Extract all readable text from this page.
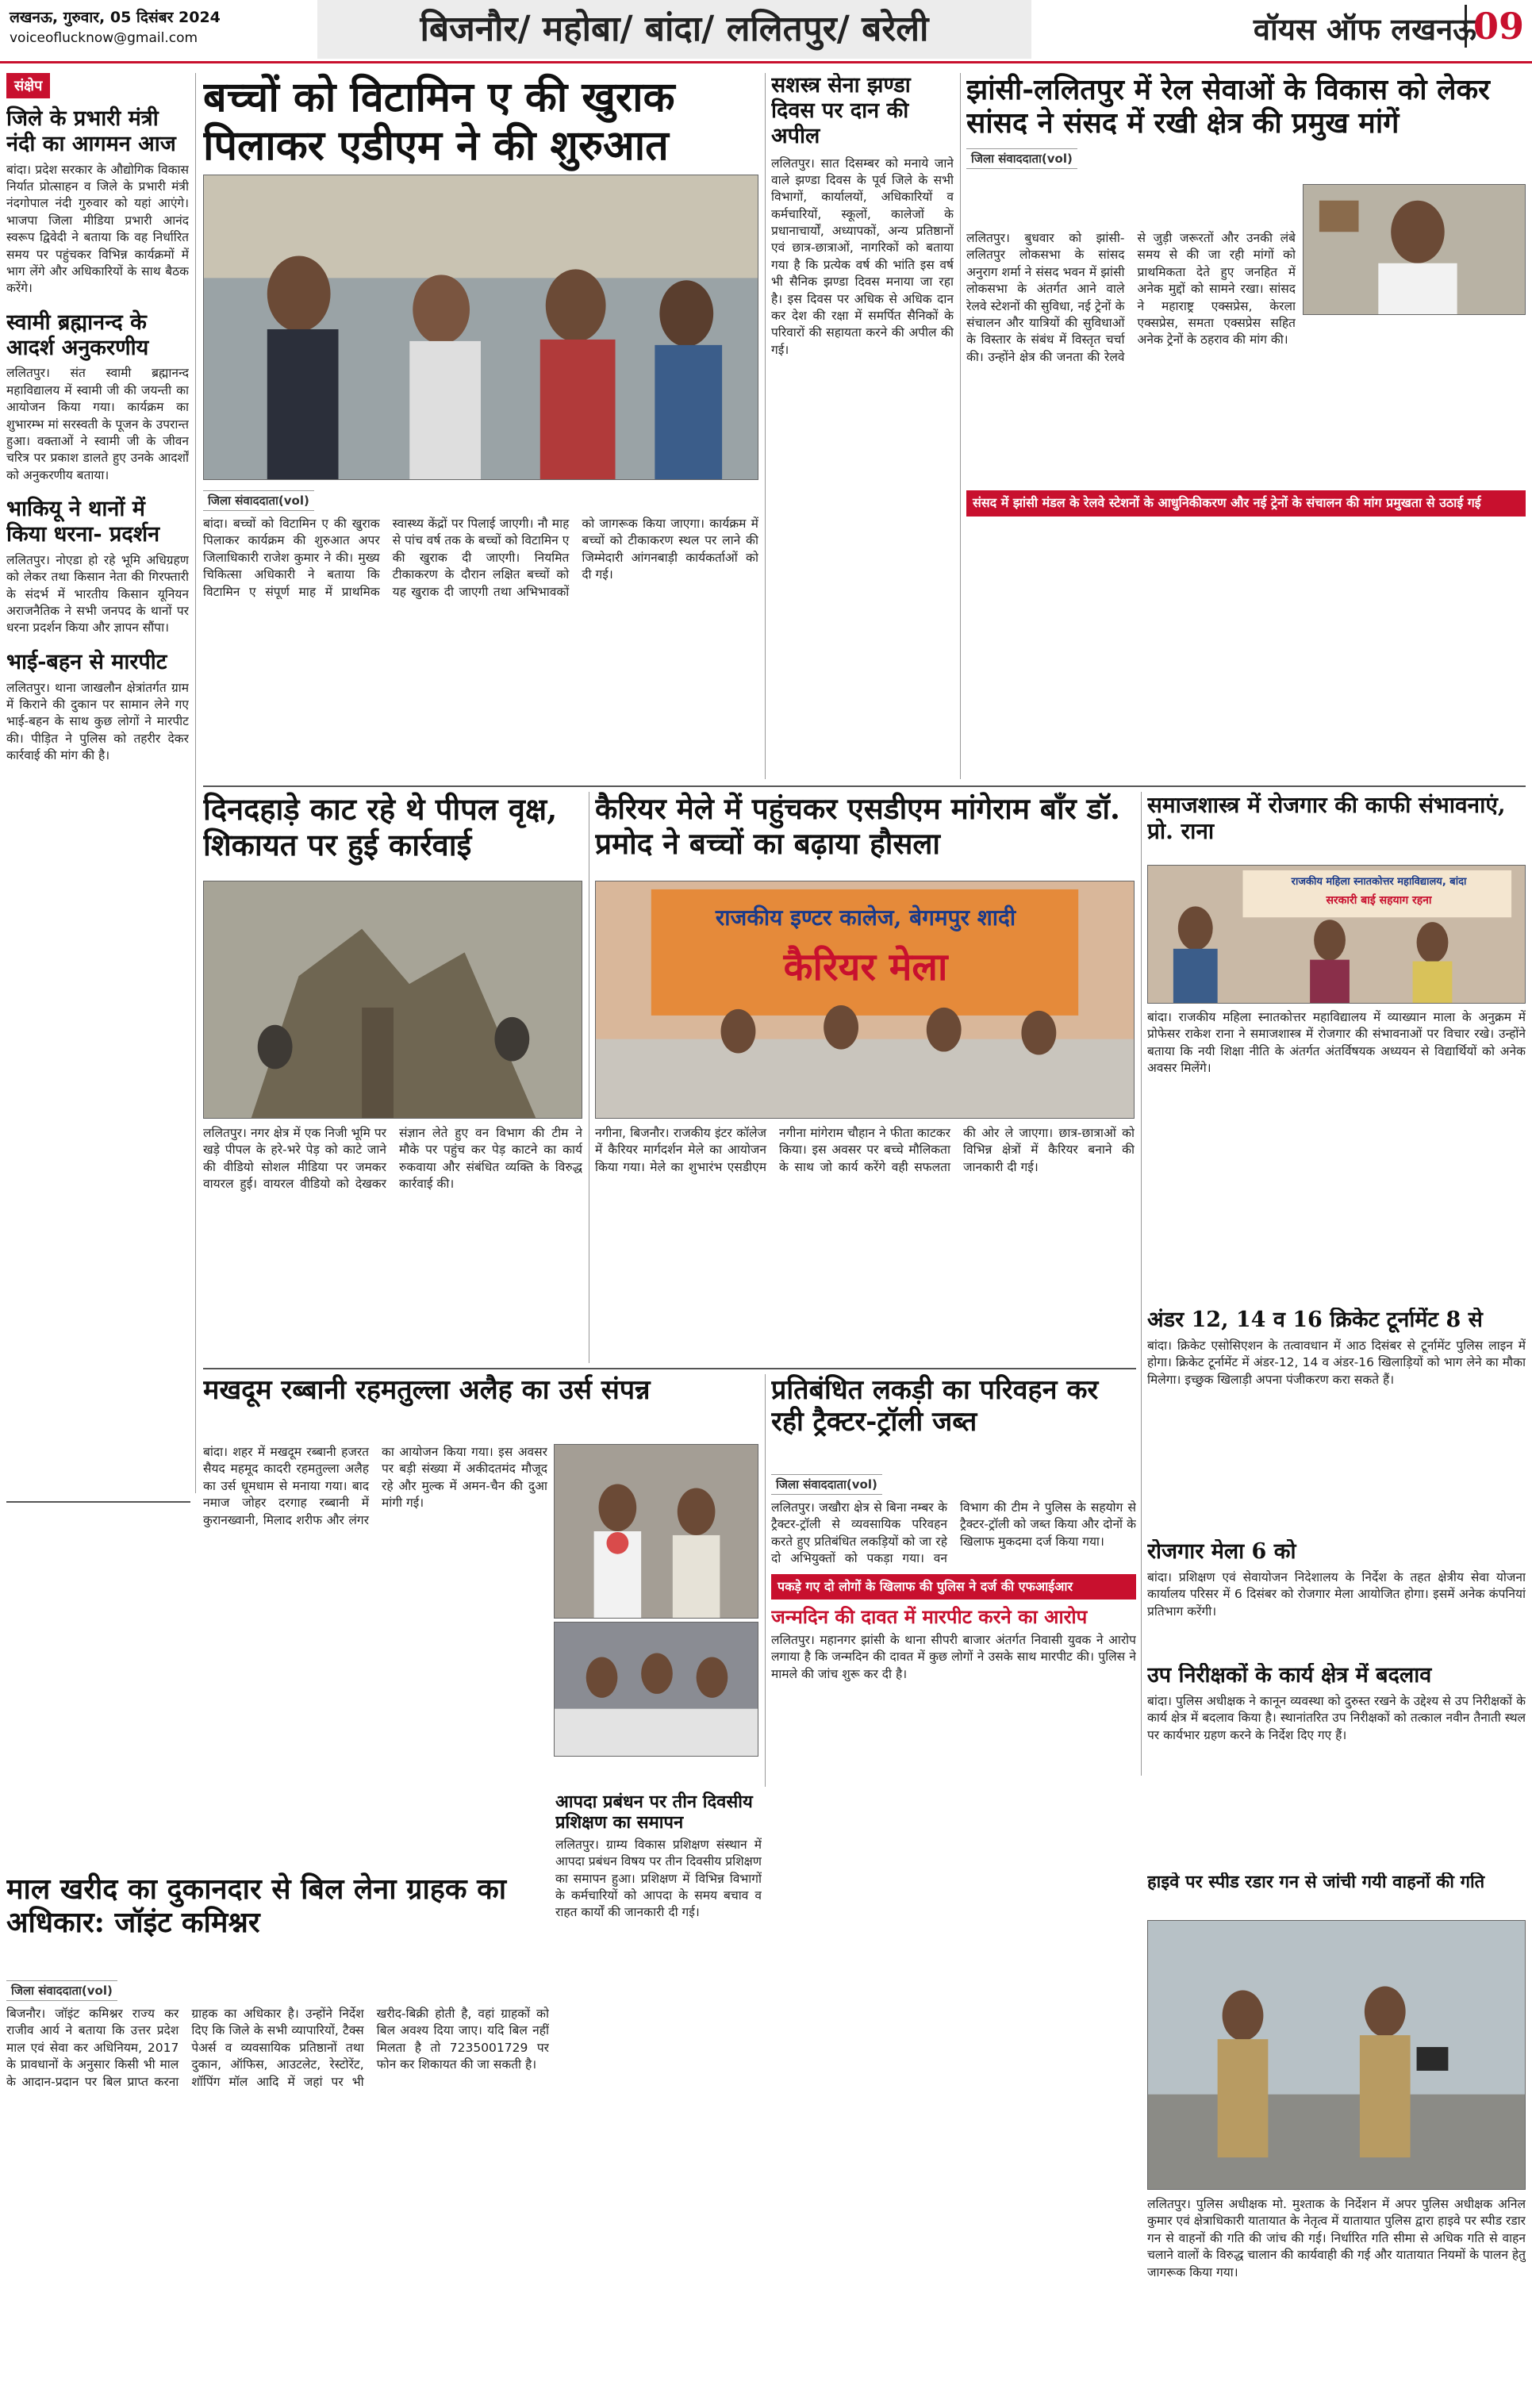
लखनऊ, गुरुवार, 05 दिसंबर 2024
voiceoflucknow@gmail.com	बिजनौर/ महोबा/ बांदा/ ललितपुर/ बरेली	वॉयस ऑफ लखनऊ
09
संक्षेप
जिले के प्रभारी मंत्री नंदी का आगमन आज
बांदा। प्रदेश सरकार के औद्योगिक विकास निर्यात प्रोत्साहन व जिले के प्रभारी मंत्री नंदगोपाल नंदी गुरुवार को यहां आएंगे। भाजपा जिला मीडिया प्रभारी आनंद स्वरूप द्विवेदी ने बताया कि वह निर्धारित समय पर पहुंचकर विभिन्न कार्यक्रमों में भाग लेंगे और अधिकारियों के साथ बैठक करेंगे।
स्वामी ब्रह्मानन्द के आदर्श अनुकरणीय
ललितपुर। संत स्वामी ब्रह्मानन्द महाविद्यालय में स्वामी जी की जयन्ती का आयोजन किया गया। कार्यक्रम का शुभारम्भ मां सरस्वती के पूजन के उपरान्त हुआ। वक्ताओं ने स्वामी जी के जीवन चरित्र पर प्रकाश डालते हुए उनके आदर्शों को अनुकरणीय बताया।
भाकियू ने थानों में किया धरना- प्रदर्शन
ललितपुर। नोएडा हो रहे भूमि अधिग्रहण को लेकर तथा किसान नेता की गिरफ्तारी के संदर्भ में भारतीय किसान यूनियन अराजनैतिक ने सभी जनपद के थानों पर धरना प्रदर्शन किया और ज्ञापन सौंपा।
भाई-बहन से मारपीट
ललितपुर। थाना जाखलौन क्षेत्रांतर्गत ग्राम में किराने की दुकान पर सामान लेने गए भाई-बहन के साथ कुछ लोगों ने मारपीट की। पीड़ित ने पुलिस को तहरीर देकर कार्रवाई की मांग की है।
बच्चों को विटामिन ए की खुराक पिलाकर एडीएम ने की शुरुआत
जिला संवाददाता(vol)
बांदा। बच्चों को विटामिन ए की खुराक पिलाकर कार्यक्रम की शुरुआत अपर जिलाधिकारी राजेश कुमार ने की। मुख्य चिकित्सा अधिकारी ने बताया कि विटामिन ए संपूर्ण माह में प्राथमिक स्वास्थ्य केंद्रों पर पिलाई जाएगी। नौ माह से पांच वर्ष तक के बच्चों को विटामिन ए की खुराक दी जाएगी। नियमित टीकाकरण के दौरान लक्षित बच्चों को यह खुराक दी जाएगी तथा अभिभावकों को जागरूक किया जाएगा। कार्यक्रम में बच्चों को टीकाकरण स्थल पर लाने की जिम्मेदारी आंगनबाड़ी कार्यकर्ताओं को दी गई।
सशस्त्र सेना झण्डा दिवस पर दान की अपील
ललितपुर। सात दिसम्बर को मनाये जाने वाले झण्डा दिवस के पूर्व जिले के सभी विभागों, कार्यालयों, अधिकारियों व कर्मचारियों, स्कूलों, कालेजों के प्रधानाचार्यों, अध्यापकों, अन्य प्रतिष्ठानों एवं छात्र-छात्राओं, नागरिकों को बताया गया है कि प्रत्येक वर्ष की भांति इस वर्ष भी सैनिक झण्डा दिवस मनाया जा रहा है। इस दिवस पर अधिक से अधिक दान कर देश की रक्षा में समर्पित सैनिकों के परिवारों की सहायता करने की अपील की गई।
झांसी-ललितपुर में रेल सेवाओं के विकास को लेकर सांसद ने संसद में रखी क्षेत्र की प्रमुख मांगें
जिला संवाददाता(vol)
ललितपुर। बुधवार को झांसी-ललितपुर लोकसभा के सांसद अनुराग शर्मा ने संसद भवन में झांसी लोकसभा के अंतर्गत आने वाले रेलवे स्टेशनों की सुविधा, नई ट्रेनों के संचालन और यात्रियों की सुविधाओं के विस्तार के संबंध में विस्तृत चर्चा की। उन्होंने क्षेत्र की जनता की रेलवे से जुड़ी जरूरतों और उनकी लंबे समय से की जा रही मांगों को प्राथमिकता देते हुए जनहित में अनेक मुद्दों को सामने रखा। सांसद ने महाराष्ट्र एक्सप्रेस, केरला एक्सप्रेस, समता एक्सप्रेस सहित अनेक ट्रेनों के ठहराव की मांग की।
संसद में झांसी मंडल के रेलवे स्टेशनों के आधुनिकीकरण और नई ट्रेनों के संचालन की मांग प्रमुखता से उठाई गई
दिनदहाड़े काट रहे थे पीपल वृक्ष, शिकायत पर हुई कार्रवाई
ललितपुर। नगर क्षेत्र में एक निजी भूमि पर खड़े पीपल के हरे-भरे पेड़ को काटे जाने की वीडियो सोशल मीडिया पर जमकर वायरल हुई। वायरल वीडियो को देखकर संज्ञान लेते हुए वन विभाग की टीम ने मौके पर पहुंच कर पेड़ काटने का कार्य रुकवाया और संबंधित व्यक्ति के विरुद्ध कार्रवाई की।
कैरियर मेले में पहुंचकर एसडीएम मांगेराम बाँर डॉ. प्रमोद ने बच्चों का बढ़ाया हौसला
राजकीय इण्टर कालेज, बेगमपुर शादी
कैरियर मेला
नगीना, बिजनौर। राजकीय इंटर कॉलेज में कैरियर मार्गदर्शन मेले का आयोजन किया गया। मेले का शुभारंभ एसडीएम नगीना मांगेराम चौहान ने फीता काटकर किया। इस अवसर पर बच्चे मौलिकता के साथ जो कार्य करेंगे वही सफलता की ओर ले जाएगा। छात्र-छात्राओं को विभिन्न क्षेत्रों में कैरियर बनाने की जानकारी दी गई।
समाजशास्त्र में रोजगार की काफी संभावनाएं, प्रो. राना
राजकीय महिला स्नातकोत्तर महाविद्यालय, बांदा
सरकारी बाई सहयाग रहना
बांदा। राजकीय महिला स्नातकोत्तर महाविद्यालय में व्याख्यान माला के अनुक्रम में प्रोफेसर राकेश राना ने समाजशास्त्र में रोजगार की संभावनाओं पर विचार रखे। उन्होंने बताया कि नयी शिक्षा नीति के अंतर्गत अंतर्विषयक अध्ययन से विद्यार्थियों को अनेक अवसर मिलेंगे।
अंडर 12, 14 व 16 क्रिकेट टूर्नामेंट 8 से
बांदा। क्रिकेट एसोसिएशन के तत्वावधान में आठ दिसंबर से टूर्नामेंट पुलिस लाइन में होगा। क्रिकेट टूर्नामेंट में अंडर-12, 14 व अंडर-16 खिलाड़ियों को भाग लेने का मौका मिलेगा। इच्छुक खिलाड़ी अपना पंजीकरण करा सकते हैं।
रोजगार मेला 6 को
बांदा। प्रशिक्षण एवं सेवायोजन निदेशालय के निर्देश के तहत क्षेत्रीय सेवा योजना कार्यालय परिसर में 6 दिसंबर को रोजगार मेला आयोजित होगा। इसमें अनेक कंपनियां प्रतिभाग करेंगी।
उप निरीक्षकों के कार्य क्षेत्र में बदलाव
बांदा। पुलिस अधीक्षक ने कानून व्यवस्था को दुरुस्त रखने के उद्देश्य से उप निरीक्षकों के कार्य क्षेत्र में बदलाव किया है। स्थानांतरित उप निरीक्षकों को तत्काल नवीन तैनाती स्थल पर कार्यभार ग्रहण करने के निर्देश दिए गए हैं।
हाइवे पर स्पीड रडार गन से जांची गयी वाहनों की गति
ललितपुर। पुलिस अधीक्षक मो. मुश्ताक के निर्देशन में अपर पुलिस अधीक्षक अनिल कुमार एवं क्षेत्राधिकारी यातायात के नेतृत्व में यातायात पुलिस द्वारा हाइवे पर स्पीड रडार गन से वाहनों की गति की जांच की गई। निर्धारित गति सीमा से अधिक गति से वाहन चलाने वालों के विरुद्ध चालान की कार्यवाही की गई और यातायात नियमों के पालन हेतु जागरूक किया गया।
मखदूम रब्बानी रहमतुल्ला अलैह का उर्स संपन्न
बांदा। शहर में मखदूम रब्बानी हजरत सैयद महमूद कादरी रहमतुल्ला अलैह का उर्स धूमधाम से मनाया गया। बाद नमाज जोहर दरगाह रब्बानी में कुरानख्वानी, मिलाद शरीफ और लंगर का आयोजन किया गया। इस अवसर पर बड़ी संख्या में अकीदतमंद मौजूद रहे और मुल्क में अमन-चैन की दुआ मांगी गई।
प्रतिबंधित लकड़ी का परिवहन कर रही ट्रैक्टर-ट्रॉली जब्त
जिला संवाददाता(vol)
ललितपुर। जखौरा क्षेत्र से बिना नम्बर के ट्रैक्टर-ट्रॉली से व्यवसायिक परिवहन करते हुए प्रतिबंधित लकड़ियों को जा रहे दो अभियुक्तों को पकड़ा गया। वन विभाग की टीम ने पुलिस के सहयोग से ट्रैक्टर-ट्रॉली को जब्त किया और दोनों के खिलाफ मुकदमा दर्ज किया गया।
पकड़े गए दो लोगों के खिलाफ की पुलिस ने दर्ज की एफआईआर
जन्मदिन की दावत में मारपीट करने का आरोप
ललितपुर। महानगर झांसी के थाना सीपरी बाजार अंतर्गत निवासी युवक ने आरोप लगाया है कि जन्मदिन की दावत में कुछ लोगों ने उसके साथ मारपीट की। पुलिस ने मामले की जांच शुरू कर दी है।
आपदा प्रबंधन पर तीन दिवसीय प्रशिक्षण का समापन
ललितपुर। ग्राम्य विकास प्रशिक्षण संस्थान में आपदा प्रबंधन विषय पर तीन दिवसीय प्रशिक्षण का समापन हुआ। प्रशिक्षण में विभिन्न विभागों के कर्मचारियों को आपदा के समय बचाव व राहत कार्यों की जानकारी दी गई।
माल खरीद का दुकानदार से बिल लेना ग्राहक का अधिकार: जॉइंट कमिश्नर
जिला संवाददाता(vol)
बिजनौर। जॉइंट कमिश्नर राज्य कर राजीव आर्य ने बताया कि उत्तर प्रदेश माल एवं सेवा कर अधिनियम, 2017 के प्रावधानों के अनुसार किसी भी माल के आदान-प्रदान पर बिल प्राप्त करना ग्राहक का अधिकार है। उन्होंने निर्देश दिए कि जिले के सभी व्यापारियों, टैक्स पेअर्स व व्यवसायिक प्रतिष्ठानों तथा दुकान, ऑफिस, आउटलेट, रेस्टोरेंट, शॉपिंग मॉल आदि में जहां पर भी खरीद-बिक्री होती है, वहां ग्राहकों को बिल अवश्य दिया जाए। यदि बिल नहीं मिलता है तो 7235001729 पर फोन कर शिकायत की जा सकती है।
